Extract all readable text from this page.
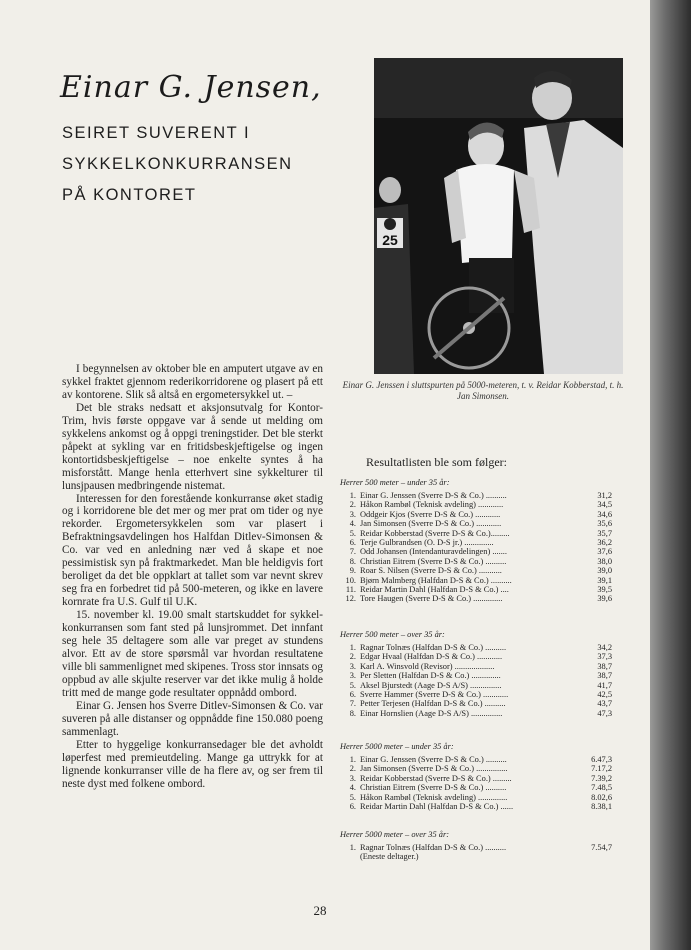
Einar G. Jensen,
SEIRET SUVERENT I
SYKKELKONKURRANSEN
PÅ KONTORET
25
Einar G. Jenssen i sluttspurten på 5000-meteren, t. v. Reidar Kobberstad, t. h. Jan Simonsen.

I begynnelsen av oktober ble en amputert utgave av en sykkel fraktet gjennom rederikorridorene og plasert på ett av kontorene. Slik så altså en ergometersykkel ut. –

Det ble straks nedsatt et aksjonsutvalg for Kontor-Trim, hvis første oppgave var å sende ut melding om sykkelens ankomst og å oppgi treningstider. Det ble sterkt påpekt at sykling var en fritidsbeskjeftigelse og ingen kontortidsbeskjeftigelse – noe enkelte syntes å ha misforstått. Mange henla etterhvert sine sykkelturer til lunsjpausen medbringende nistemat.

Interessen for den forestående konkurranse øket stadig og i korridorene ble det mer og mer prat om tider og nye rekorder. Ergometersykkelen som var plasert i Befraktningsavdelingen hos Halfdan Ditlev-Simonsen & Co. var ved en anledning nær ved å skape et noe pessimistisk syn på fraktmarkedet. Man ble heldigvis fort beroliget da det ble oppklart at tallet som var nevnt skrev seg fra en forbedret tid på 500-meteren, og ikke en lavere kornrate fra U.S. Gulf til U.K.

15. november kl. 19.00 smalt startskuddet for sykkel-konkurransen som fant sted på lunsjrommet. Det innfant seg hele 35 deltagere som alle var preget av stundens alvor. Ett av de store spørsmål var hvordan resultatene ville bli sammenlignet med skipenes. Tross stor innsats og oppbud av alle skjulte reserver var det ikke mulig å holde tritt med de mange gode resultater oppnådd ombord.

Einar G. Jensen hos Sverre Ditlev-Simonsen & Co. var suveren på alle distanser og oppnådde fine 150.080 poeng sammenlagt.

Etter to hyggelige konkurransedager ble det avholdt løperfest med premieutdeling. Mange ga uttrykk for at lignende konkurranser ville de ha flere av, og ser frem til neste dyst med folkene ombord.

Resultatlisten ble som følger:
Herrer 500 meter – under 35 år:
1. Einar G. Jenssen (Sverre D-S & Co.) ..........	31,2
2. Håkon Rambøl (Teknisk avdeling) ............	34,5
3. Oddgeir Kjos (Sverre D-S & Co.) ............	34,6
4. Jan Simonsen (Sverre D-S & Co.) ............	35,6
5. Reidar Kobberstad (Sverre D-S & Co.).........	35,7
6. Terje Gulbrandsen (O. D-S jr.) ..............	36,2
7. Odd Johansen (Intendanturavdelingen) .......	37,6
8. Christian Eitrem (Sverre D-S & Co.) ..........	38,0
9. Roar S. Nilsen (Sverre D-S & Co.) ...........	39,0
10. Bjørn Malmberg (Halfdan D-S & Co.) ..........	39,1
11. Reidar Martin Dahl (Halfdan D-S & Co.) ....	39,5
12. Tore Haugen (Sverre D-S & Co.) ..............	39,6
Herrer 500 meter – over 35 år:
1. Ragnar Tolnæs (Halfdan D-S & Co.) ..........	34,2
2. Edgar Hvaal (Halfdan D-S & Co.) ............	37,3
3. Karl A. Winsvold (Revisor) ...................	38,7
3. Per Sletten (Halfdan D-S & Co.) ..............	38,7
5. Aksel Bjurstedt (Aage D-S A/S) ...............	41,7
6. Sverre Hammer (Sverre D-S & Co.) ............	42,5
7. Petter Terjesen (Halfdan D-S & Co.) ..........	43,7
8. Einar Hornslien (Aage D-S A/S) ...............	47,3
Herrer 5000 meter – under 35 år:
1. Einar G. Jenssen (Sverre D-S & Co.) ..........	6.47,3
2. Jan Simonsen (Sverre D-S & Co.) ...............	7.17,2
3. Reidar Kobberstad (Sverre D-S & Co.) .........	7.39,2
4. Christian Eitrem (Sverre D-S & Co.) ..........	7.48,5
5. Håkon Rambøl (Teknisk avdeling) ..............	8.02,6
6. Reidar Martin Dahl (Halfdan D-S & Co.) ......	8.38,1
Herrer 5000 meter – over 35 år:
1. Ragnar Tolnæs (Halfdan D-S & Co.) ..........	7.54,7
(Eneste deltager.)
28
